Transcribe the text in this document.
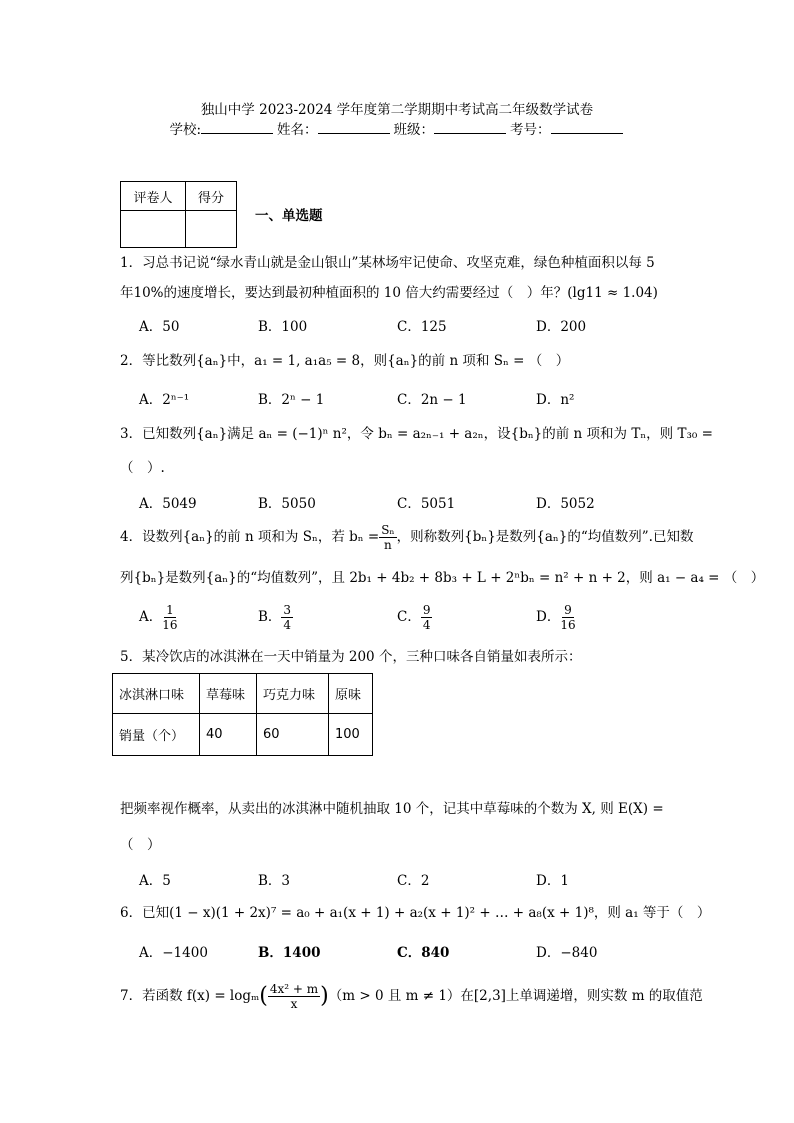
独山中学 2023-2024 学年度第二学期期中考试高二年级数学试卷
学校:	姓名：	班级：	考号：
评卷人	得分

一、单选题
1．习总书记说“绿水青山就是金山银山”某林场牢记使命、攻坚克难，绿色种植面积以每 5
年10%的速度增长，要达到最初种植面积的 10 倍大约需要经过（　）年？(lg11 ≈ 1.04)
A．50	B．100	C．125	D．200
2．等比数列{aₙ}中，a₁ = 1, a₁a₅ = 8，则{aₙ}的前 n 项和 Sₙ = （　）
A．2ⁿ⁻¹	B．2ⁿ − 1	C．2n − 1	D．n²
3．已知数列{aₙ}满足 aₙ = (−1)ⁿ n²，令 bₙ = a₂ₙ₋₁ + a₂ₙ，设{bₙ}的前 n 项和为 Tₙ，则 T₃₀ =
（　）.
A．5049	B．5050	C．5051	D．5052
4．设数列{aₙ}的前 n 项和为 Sₙ，若 $b_n = \frac{\text{Sₙ}}{n}$ ，则称数列{bₙ}是数列{aₙ}的“均值数列”.已知数
列{bₙ}是数列{aₙ}的“均值数列”，且 2b₁ + 4b₂ + 8b₃ + L + 2ⁿbₙ = n² + n + 2，则 a₁ − a₄ = （　）
A． $\frac{1}{16}$	B． $\frac{3}{4}$	C． $\frac{9}{4}$	D． $\frac{9}{16}$
5．某冷饮店的冰淇淋在一天中销量为 200 个，三种口味各自销量如表所示：
冰淇淋口味	草莓味	巧克力味	原味
销量（个）	40	60	100
把频率视作概率，从卖出的冰淇淋中随机抽取 10 个，记其中草莓味的个数为 X, 则 E(X) =
（　）
A．5	B．3	C．2	D．1
6．已知(1 − x)(1 + 2x)⁷ = a₀ + a₁(x + 1) + a₂(x + 1)² + … + a₈(x + 1)⁸，则 a₁ 等于（　）
A．−1400	B．1400	C．840	D．−840
7．若函数 $f(x) = \log_m( \frac{\text{4x² + m}}{x} )(m > 0$ 且 m ≠ 1）在[2,3]上单调递增，则实数 m 的取值范
